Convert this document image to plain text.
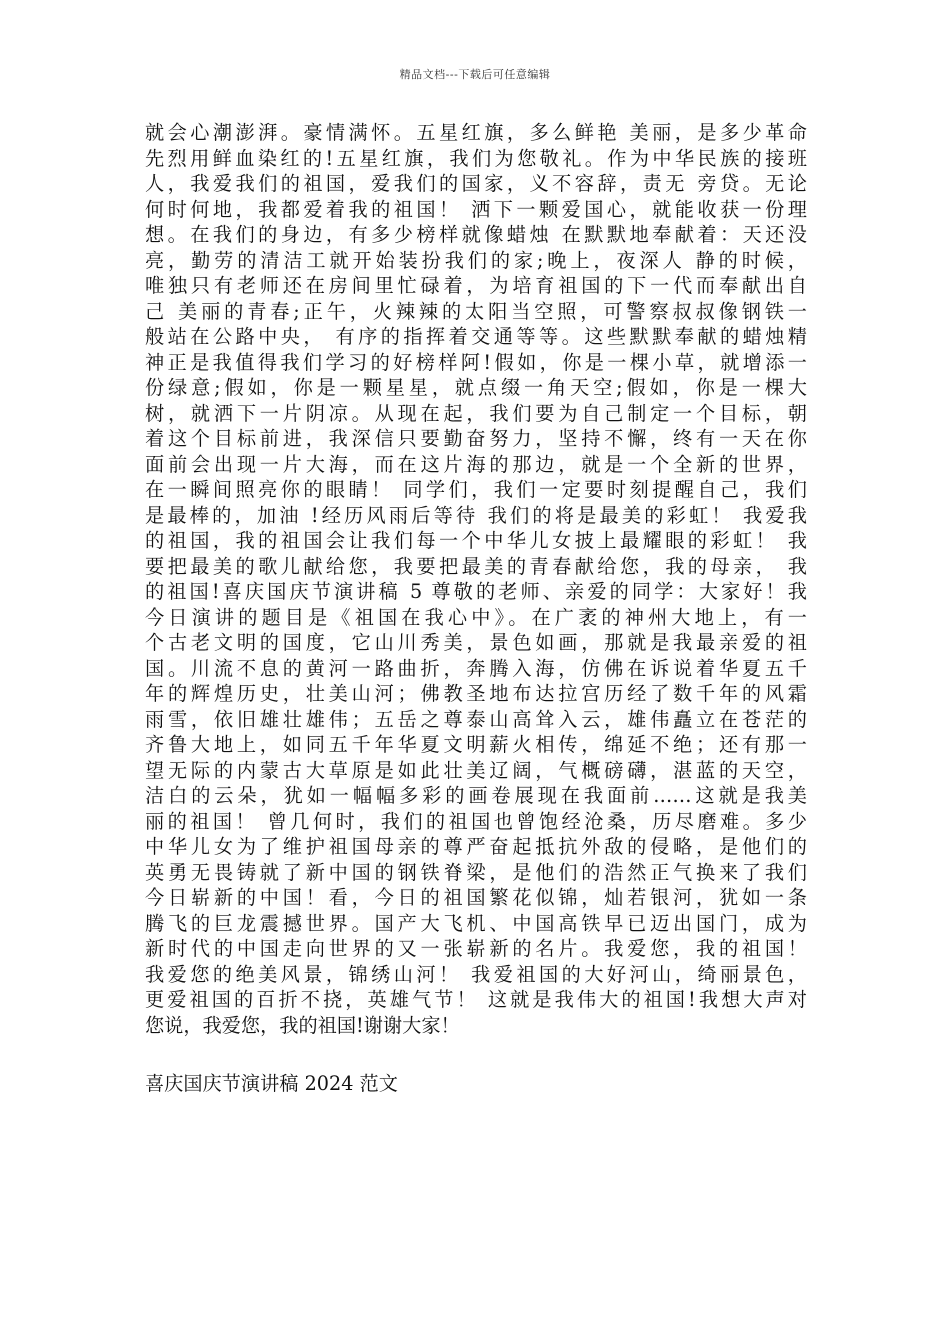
精品文档---下载后可任意编辑
就会心潮澎湃。豪情满怀。五星红旗，多么鲜艳 美丽，是多少革命
先烈用鲜血染红的!五星红旗，我们为您敬礼。作为中华民族的接班
人，我爱我们的祖国，爱我们的国家，义不容辞，责无 旁贷。无论
何时何地，我都爱着我的祖国！ 洒下一颗爱国心，就能收获一份理
想。在我们的身边，有多少榜样就像蜡烛 在默默地奉献着：天还没
亮，勤劳的清洁工就开始装扮我们的家;晚上，夜深人 静的时候，
唯独只有老师还在房间里忙碌着，为培育祖国的下一代而奉献出自
己 美丽的青春;正午，火辣辣的太阳当空照，可警察叔叔像钢铁一
般站在公路中央， 有序的指挥着交通等等。这些默默奉献的蜡烛精
神正是我值得我们学习的好榜样阿!假如，你是一棵小草，就增添一
份绿意;假如，你是一颗星星，就点缀一角天空;假如，你是一棵大
树，就洒下一片阴凉。从现在起，我们要为自己制定一个目标，朝
着这个目标前进，我深信只要勤奋努力，坚持不懈，终有一天在你
面前会出现一片大海，而在这片海的那边，就是一个全新的世界，
在一瞬间照亮你的眼睛！ 同学们，我们一定要时刻提醒自己，我们
是最棒的，加油 !经历风雨后等待 我们的将是最美的彩虹！ 我爱我
的祖国，我的祖国会让我们每一个中华儿女披上最耀眼的彩虹！ 我
要把最美的歌儿献给您，我要把最美的青春献给您，我的母亲， 我
的祖国!喜庆国庆节演讲稿 5 尊敬的老师、亲爱的同学：大家好！我
今日演讲的题目是《祖国在我心中》。在广袤的神州大地上，有一
个古老文明的国度，它山川秀美，景色如画，那就是我最亲爱的祖
国。川流不息的黄河一路曲折，奔腾入海，仿佛在诉说着华夏五千
年的辉煌历史，壮美山河；佛教圣地布达拉宫历经了数千年的风霜
雨雪，依旧雄壮雄伟；五岳之尊泰山高耸入云，雄伟矗立在苍茫的
齐鲁大地上，如同五千年华夏文明薪火相传，绵延不绝；还有那一
望无际的内蒙古大草原是如此壮美辽阔，气概磅礴，湛蓝的天空，
洁白的云朵，犹如一幅幅多彩的画卷展现在我面前……这就是我美
丽的祖国！ 曾几何时，我们的祖国也曾饱经沧桑，历尽磨难。多少
中华儿女为了维护祖国母亲的尊严奋起抵抗外敌的侵略，是他们的
英勇无畏铸就了新中国的钢铁脊梁，是他们的浩然正气换来了我们
今日崭新的中国！看，今日的祖国繁花似锦，灿若银河，犹如一条
腾飞的巨龙震撼世界。国产大飞机、中国高铁早已迈出国门，成为
新时代的中国走向世界的又一张崭新的名片。我爱您，我的祖国！
我爱您的绝美风景，锦绣山河！ 我爱祖国的大好河山，绮丽景色，
更爱祖国的百折不挠，英雄气节！ 这就是我伟大的祖国!我想大声对
您说，我爱您，我的祖国!谢谢大家！
喜庆国庆节演讲稿 2024 范文
